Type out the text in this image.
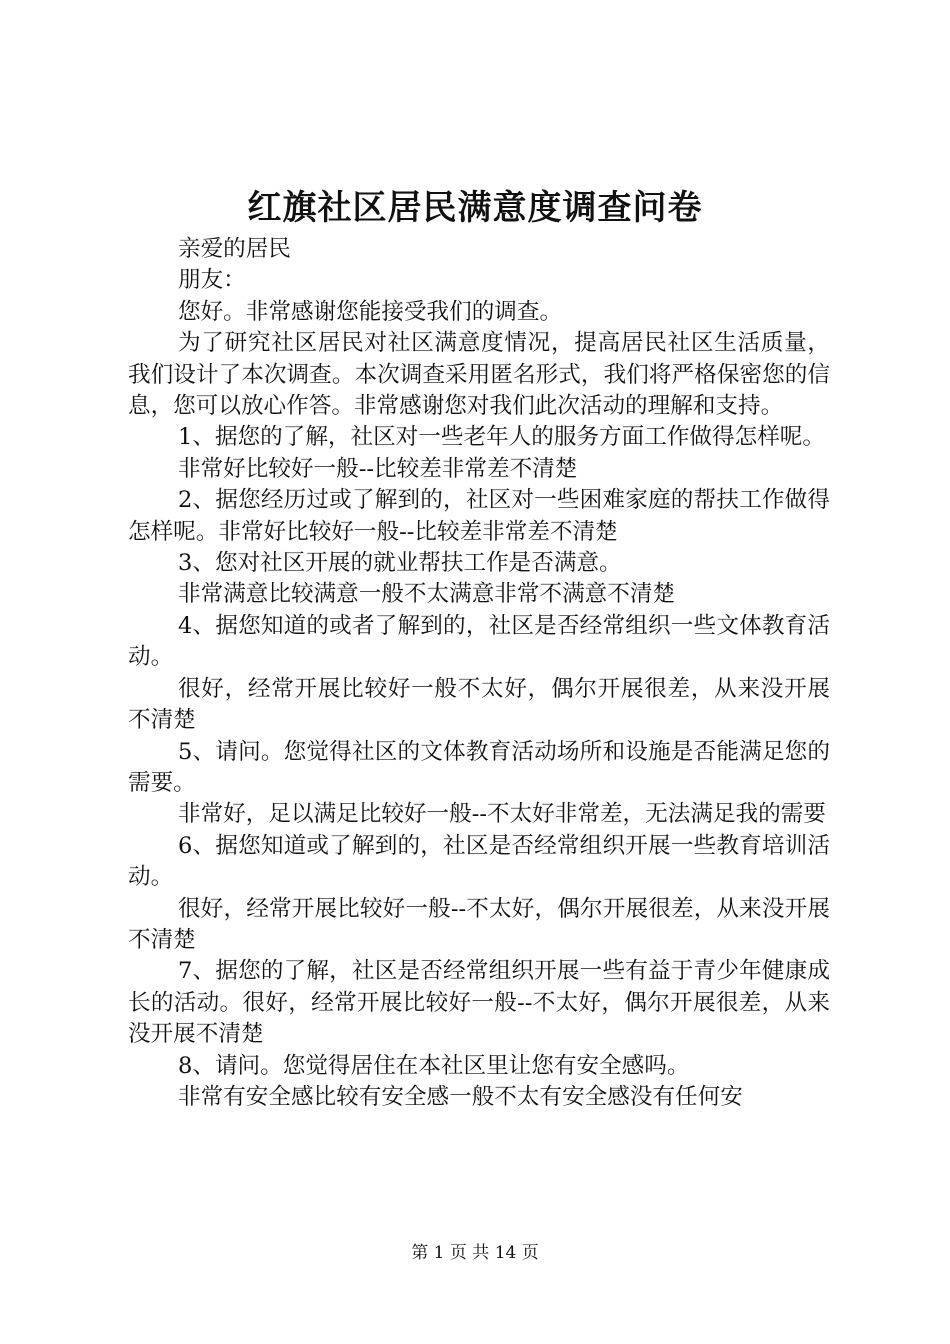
红旗社区居民满意度调查问卷

亲爱的居民

朋友：

您好。非常感谢您能接受我们的调查。

为了研究社区居民对社区满意度情况，提高居民社区生活质量，我们设计了本次调查。本次调查采用匿名形式，我们将严格保密您的信息，您可以放心作答。非常感谢您对我们此次活动的理解和支持。

1、据您的了解，社区对一些老年人的服务方面工作做得怎样呢。

非常好比较好一般--比较差非常差不清楚

2、据您经历过或了解到的，社区对一些困难家庭的帮扶工作做得怎样呢。非常好比较好一般--比较差非常差不清楚

3、您对社区开展的就业帮扶工作是否满意。

非常满意比较满意一般不太满意非常不满意不清楚

4、据您知道的或者了解到的，社区是否经常组织一些文体教育活动。

很好，经常开展比较好一般不太好，偶尔开展很差，从来没开展不清楚

5、请问。您觉得社区的文体教育活动场所和设施是否能满足您的需要。

非常好，足以满足比较好一般--不太好非常差，无法满足我的需要

6、据您知道或了解到的，社区是否经常组织开展一些教育培训活动。

很好，经常开展比较好一般--不太好，偶尔开展很差，从来没开展不清楚

7、据您的了解，社区是否经常组织开展一些有益于青少年健康成长的活动。很好，经常开展比较好一般--不太好，偶尔开展很差，从来没开展不清楚

8、请问。您觉得居住在本社区里让您有安全感吗。

非常有安全感比较有安全感一般不太有安全感没有任何安

第 1 页 共 14 页
